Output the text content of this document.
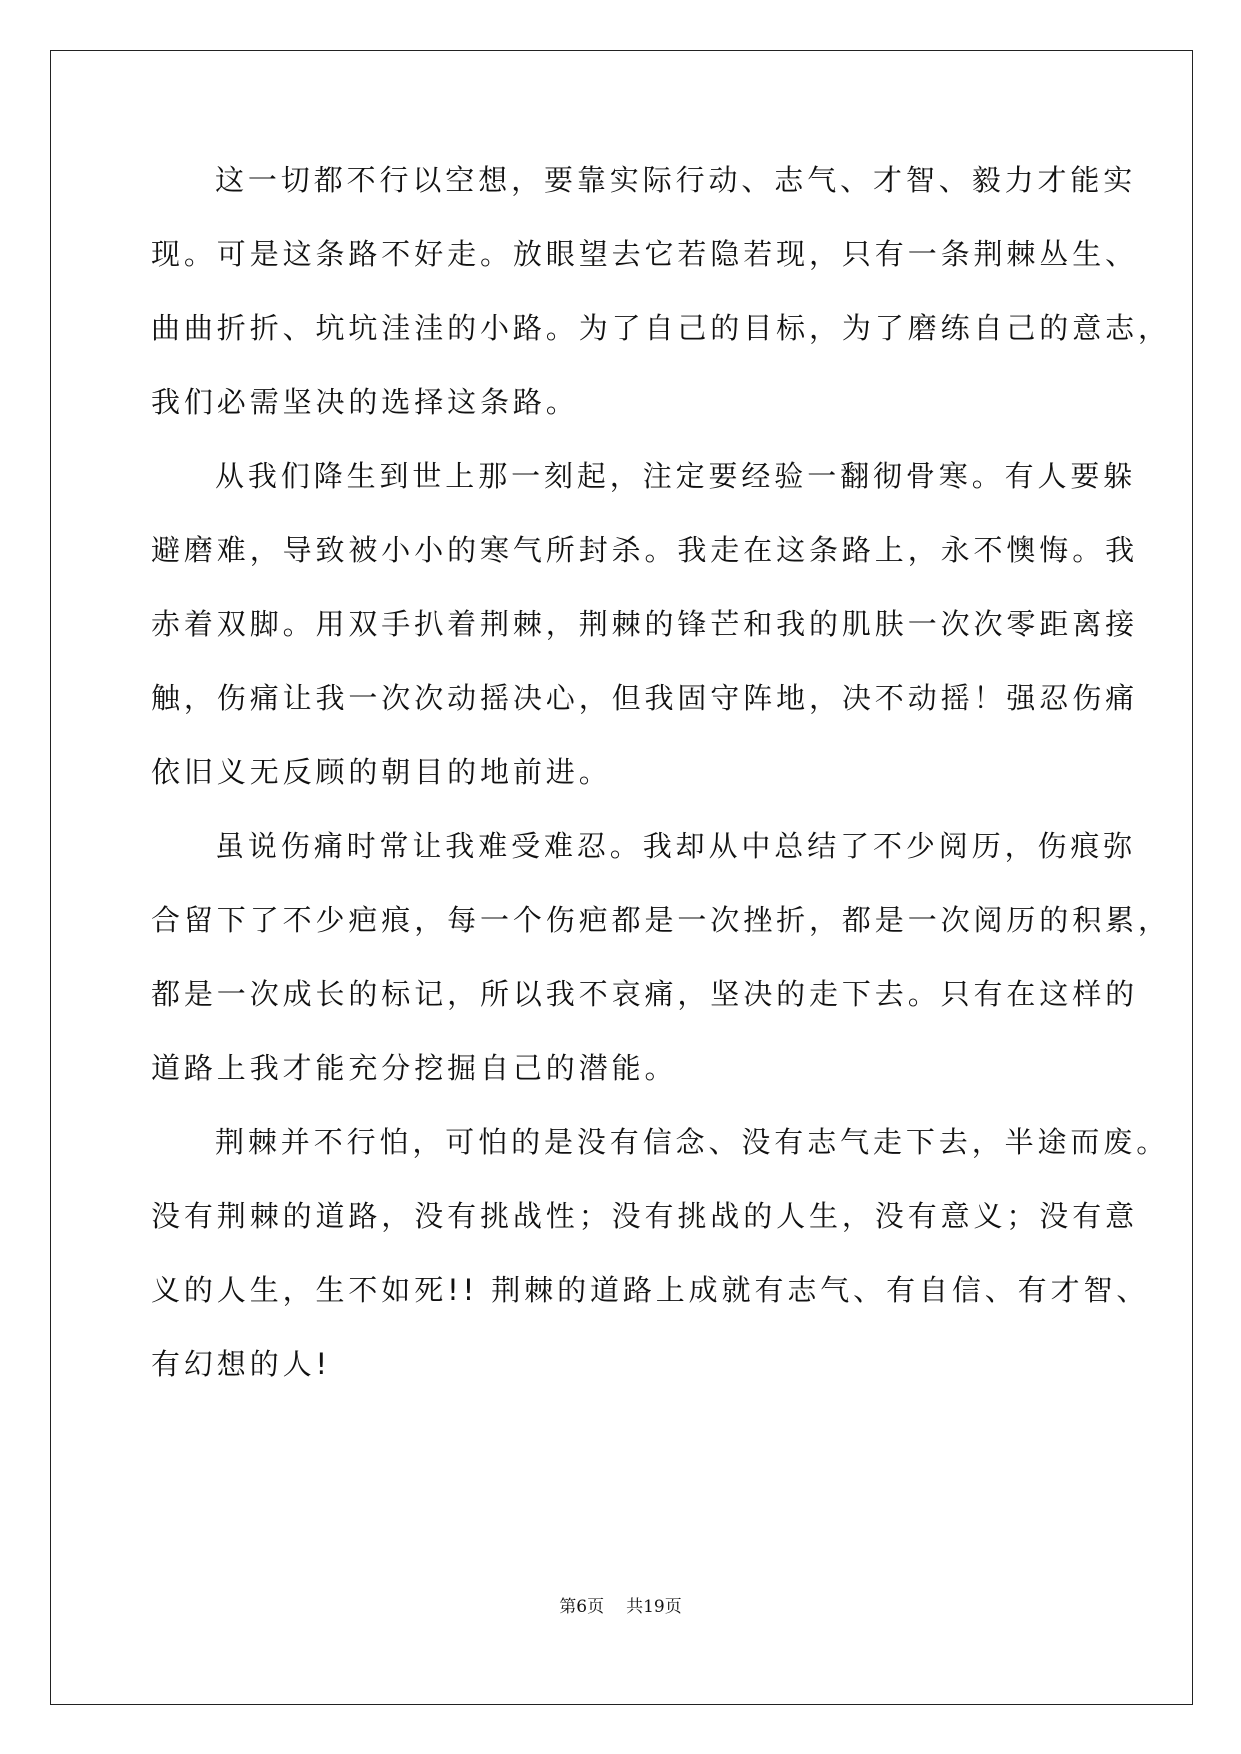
这一切都不行以空想，要靠实际行动、志气、才智、毅力才能实
现。可是这条路不好走。放眼望去它若隐若现，只有一条荆棘丛生、
曲曲折折、坑坑洼洼的小路。为了自己的目标，为了磨练自己的意志，
我们必需坚决的选择这条路。
从我们降生到世上那一刻起，注定要经验一翻彻骨寒。有人要躲
避磨难，导致被小小的寒气所封杀。我走在这条路上，永不懊悔。我
赤着双脚。用双手扒着荆棘，荆棘的锋芒和我的肌肤一次次零距离接
触，伤痛让我一次次动摇决心，但我固守阵地，决不动摇！强忍伤痛
依旧义无反顾的朝目的地前进。
虽说伤痛时常让我难受难忍。我却从中总结了不少阅历，伤痕弥
合留下了不少疤痕，每一个伤疤都是一次挫折，都是一次阅历的积累，
都是一次成长的标记，所以我不哀痛，坚决的走下去。只有在这样的
道路上我才能充分挖掘自己的潜能。
荆棘并不行怕，可怕的是没有信念、没有志气走下去，半途而废。
没有荆棘的道路，没有挑战性；没有挑战的人生，没有意义；没有意
义的人生，生不如死!! 荆棘的道路上成就有志气、有自信、有才智、
有幻想的人!
第6页 共19页
